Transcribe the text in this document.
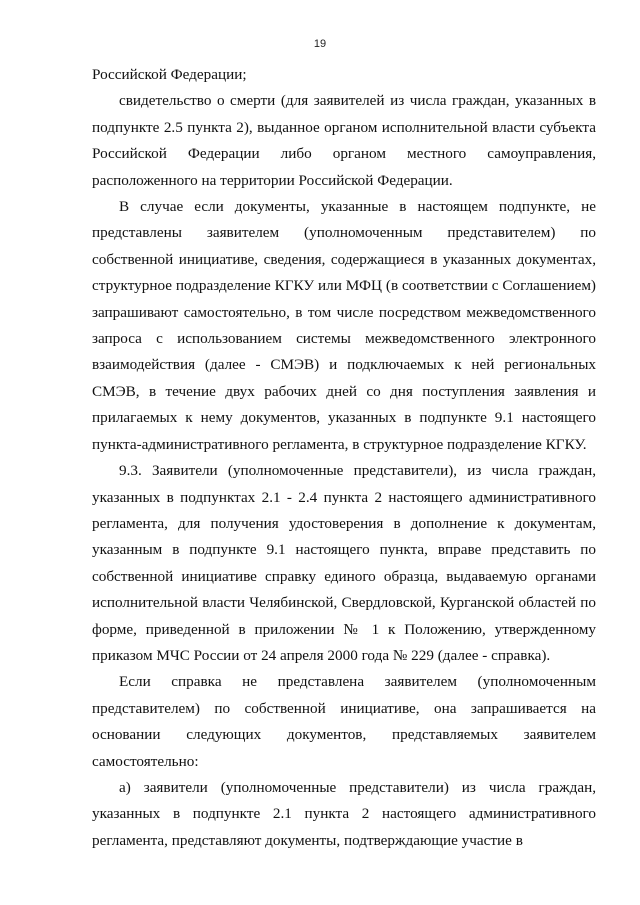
19

Российской Федерации;

свидетельство о смерти (для заявителей из числа граждан, указанных в подпункте 2.5 пункта 2), выданное органом исполнительной власти субъекта Российской Федерации либо органом местного самоуправления, расположенного на территории Российской Федерации.

В случае если документы, указанные в настоящем подпункте, не представлены заявителем (уполномоченным представителем) по собственной инициативе, сведения, содержащиеся в указанных документах, структурное подразделение КГКУ или МФЦ (в соответствии с Соглашением) запрашивают самостоятельно, в том числе посредством межведомственного запроса с использованием системы межведомственного электронного взаимодействия (далее - СМЭВ) и подключаемых к ней региональных СМЭВ, в течение двух рабочих дней со дня поступления заявления и прилагаемых к нему документов, указанных в подпункте 9.1 настоящего пункта-административного регламента, в структурное подразделение КГКУ.

9.3. Заявители (уполномоченные представители), из числа граждан, указанных в подпунктах 2.1 - 2.4 пункта 2 настоящего административного регламента, для получения удостоверения в дополнение к документам, указанным в подпункте 9.1 настоящего пункта, вправе представить по собственной инициативе справку единого образца, выдаваемую органами исполнительной власти Челябинской, Свердловской, Курганской областей по форме, приведенной в приложении № 1 к Положению, утвержденному приказом МЧС России от 24 апреля 2000 года № 229 (далее - справка).

Если справка не представлена заявителем (уполномоченным представителем) по собственной инициативе, она запрашивается на основании следующих документов, представляемых заявителем самостоятельно:

а) заявители (уполномоченные представители) из числа граждан, указанных в подпункте 2.1 пункта 2 настоящего административного регламента, представляют документы, подтверждающие участие в
